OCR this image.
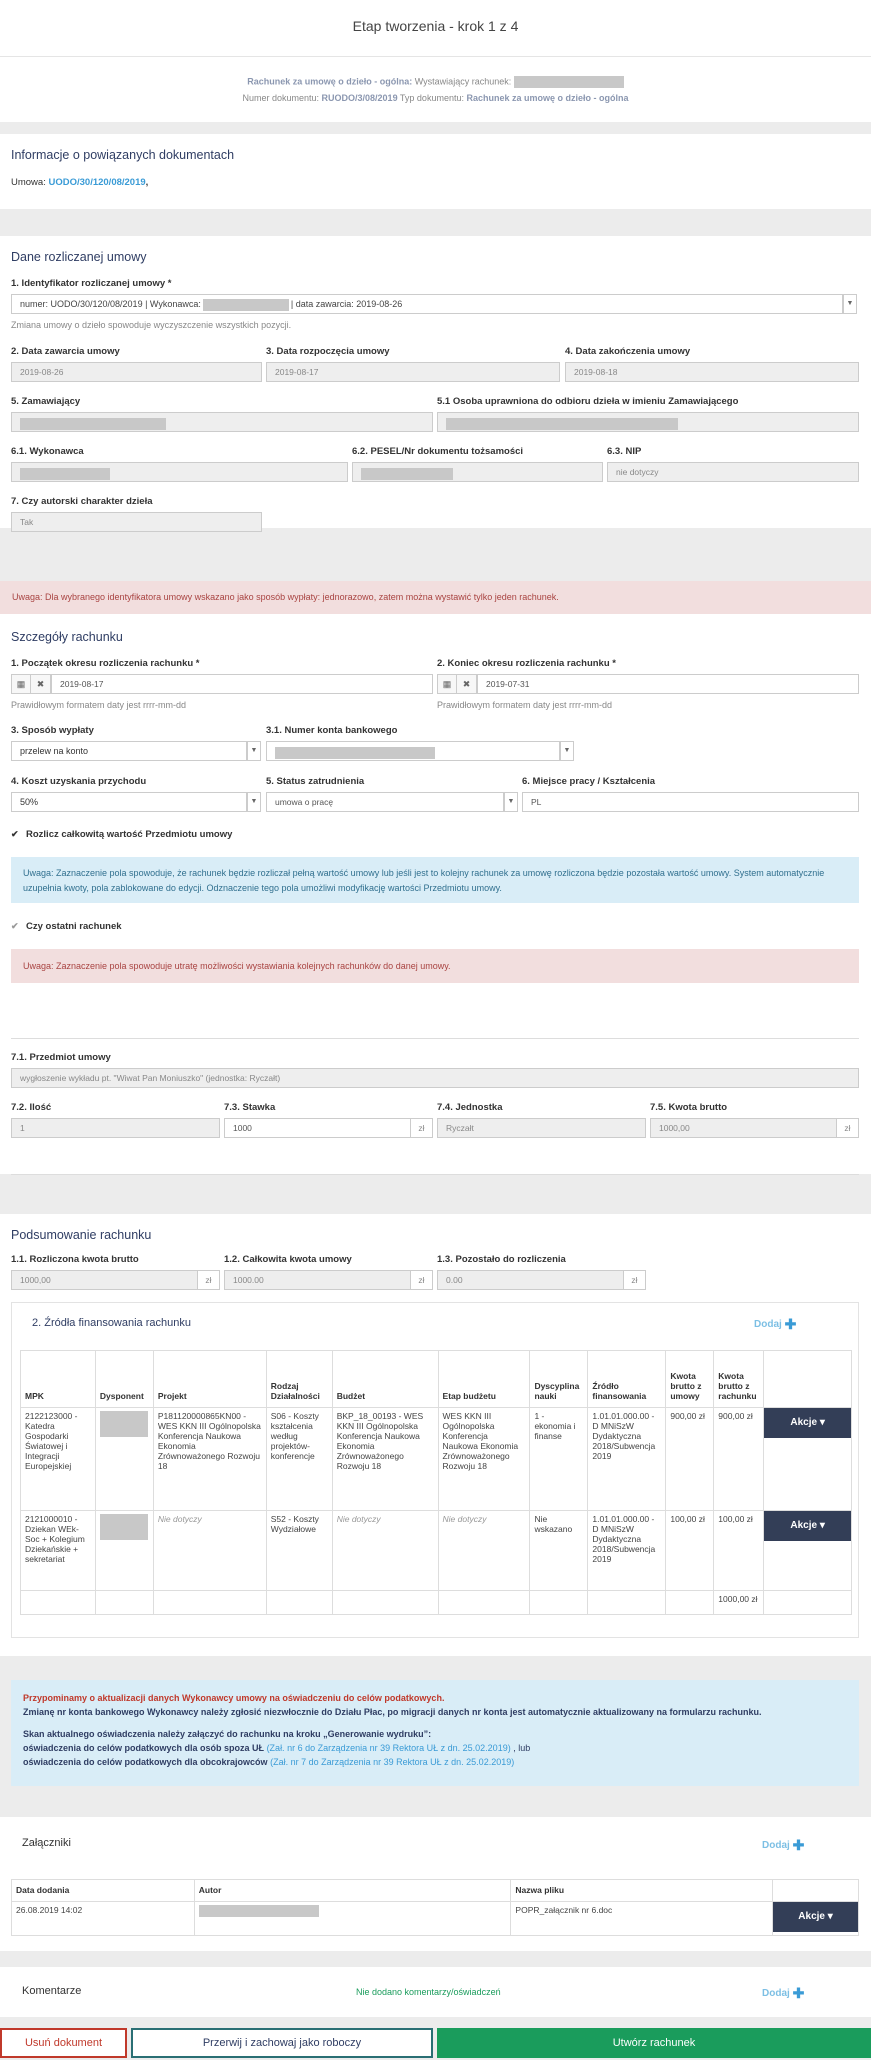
Etap tworzenia - krok 1 z 4
Rachunek za umowę o dzieło - ogólna: Wystawiający rachunek:
Numer dokumentu: RUODO/3/08/2019 Typ dokumentu: Rachunek za umowę o dzieło - ogólna
Informacje o powiązanych dokumentach
Umowa: UODO/30/120/08/2019,
Dane rozliczanej umowy
1. Identyfikator rozliczanej umowy *
numer: UODO/30/120/08/2019 | Wykonawca:	| data zawarcia: 2019-08-26	▼
Zmiana umowy o dzieło spowoduje wyczyszczenie wszystkich pozycji.
2. Data zawarcia umowy
2019-08-26
3. Data rozpoczęcia umowy
2019-08-17
4. Data zakończenia umowy
2019-08-18
5. Zamawiający	5.1 Osoba uprawniona do odbioru dzieła w imieniu Zamawiającego
6.1. Wykonawca	6.2. PESEL/Nr dokumentu tożsamości	6.3. NIP
nie dotyczy
7. Czy autorski charakter dzieła
Tak
Uwaga: Dla wybranego identyfikatora umowy wskazano jako sposób wypłaty: jednorazowo, zatem można wystawić tylko jeden rachunek.
Szczegóły rachunku
1. Początek okresu rozliczenia rachunku *
▦	✖	2019-08-17
Prawidłowym formatem daty jest rrrr-mm-dd
2. Koniec okresu rozliczenia rachunku *
▦	✖	2019-07-31
Prawidłowym formatem daty jest rrrr-mm-dd
3. Sposób wypłaty
przelew na konto	▼
3.1. Numer konta bankowego
▼
4. Koszt uzyskania przychodu
50%	▼
5. Status zatrudnienia
umowa o pracę	▼
6. Miejsce pracy / Kształcenia
PL
✔ Rozlicz całkowitą wartość Przedmiotu umowy
Uwaga: Zaznaczenie pola spowoduje, że rachunek będzie rozliczał pełną wartość umowy lub jeśli jest to kolejny rachunek za umowę rozliczona będzie pozostała wartość umowy. System automatycznie uzupełnia kwoty, pola zablokowane do edycji. Odznaczenie tego pola umożliwi modyfikację wartości Przedmiotu umowy.
✔ Czy ostatni rachunek
Uwaga: Zaznaczenie pola spowoduje utratę możliwości wystawiania kolejnych rachunków do danej umowy.
7.1. Przedmiot umowy
wygłoszenie wykładu pt. "Wiwat Pan Moniuszko" (jednostka: Ryczałt)
7.2. Ilość
1
7.3. Stawka
1000	zł
7.4. Jednostka
Ryczałt
7.5. Kwota brutto
1000,00	zł
Podsumowanie rachunku
1.1. Rozliczona kwota brutto
1000,00	zł
1.2. Całkowita kwota umowy
1000.00	zł
1.3. Pozostało do rozliczenia
0.00	zł
2. Źródła finansowania rachunku	Dodaj ✚
MPK	Dysponent	Projekt	Rodzaj Działalności	Budżet	Etap budżetu	Dyscyplina nauki	Źródło finansowania	Kwota brutto z umowy	Kwota brutto z rachunku	
2122123000 - Katedra Gospodarki Światowej i Integracji Europejskiej		P181120000865KN00 - WES KKN III Ogólnopolska Konferencja Naukowa Ekonomia Zrównoważonego Rozwoju 18	S06 - Koszty kształcenia według projektów-konferencje	BKP_18_00193 - WES KKN III Ogólnopolska Konferencja Naukowa Ekonomia Zrównoważonego Rozwoju 18	WES KKN III Ogólnopolska Konferencja Naukowa Ekonomia Zrównoważonego Rozwoju 18	1 - ekonomia i finanse	1.01.01.000.00 - D MNiSzW Dydaktyczna 2018/Subwencja 2019	900,00 zł	900,00 zł	Akcje ▾

2121000010 - Dziekan WEk-Soc + Kolegium Dziekańskie + sekretariat		Nie dotyczy	S52 - Koszty Wydziałowe	Nie dotyczy	Nie dotyczy	Nie wskazano	1.01.01.000.00 - D MNiSzW Dydaktyczna 2018/Subwencja 2019	100,00 zł	100,00 zł	Akcje ▾

									1000,00 zł	
Przypominamy o aktualizacji danych Wykonawcy umowy na oświadczeniu do celów podatkowych.
Zmianę nr konta bankowego Wykonawcy należy zgłosić niezwłocznie do Działu Płac, po migracji danych nr konta jest automatycznie aktualizowany na formularzu rachunku.
Skan aktualnego oświadczenia należy załączyć do rachunku na kroku „Generowanie wydruku”:
oświadczenia do celów podatkowych dla osób spoza UŁ (Zał. nr 6 do Zarządzenia nr 39 Rektora UŁ z dn. 25.02.2019) , lub
oświadczenia do celów podatkowych dla obcokrajowców (Zał. nr 7 do Zarządzenia nr 39 Rektora UŁ z dn. 25.02.2019)
Załączniki	Dodaj ✚
Data dodania	Autor	Nazwa pliku	
26.08.2019 14:02		POPR_załącznik nr 6.doc	Akcje ▾
Komentarze	Nie dodano komentarzy/oświadczeń	Dodaj ✚
Usuń dokument	Przerwij i zachowaj jako roboczy	Utwórz rachunek
